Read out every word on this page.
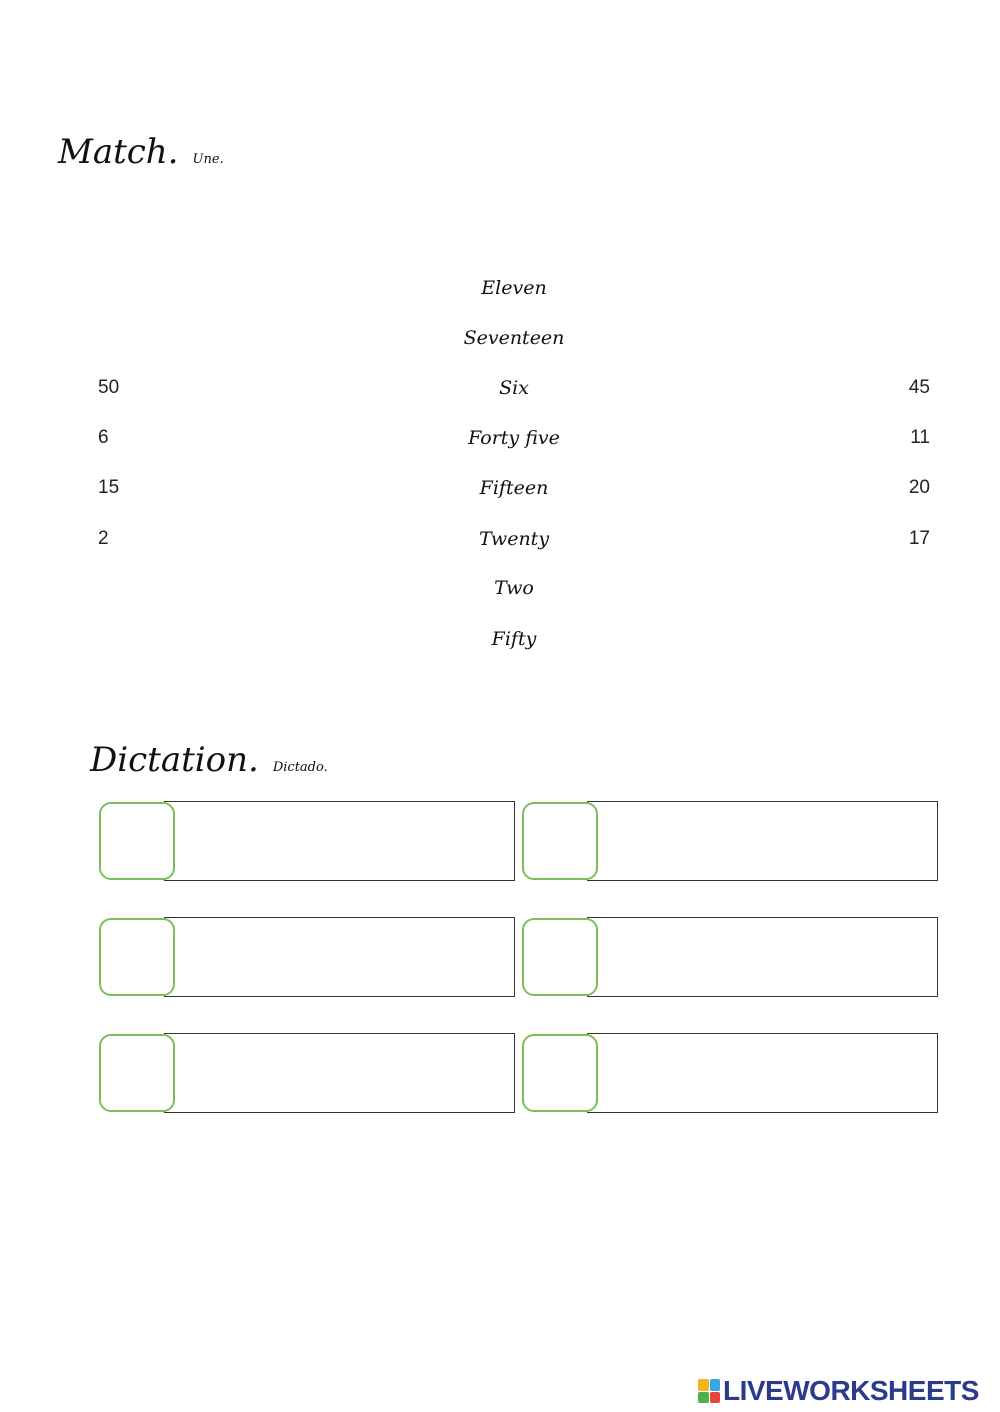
Match. Une.
Eleven
Seventeen
Six
Forty five
Fifteen
Twenty
Two
Fifty
50
6
15
2
45
11
20
17
Dictation. Dictado.
LIVEWORKSHEETS
